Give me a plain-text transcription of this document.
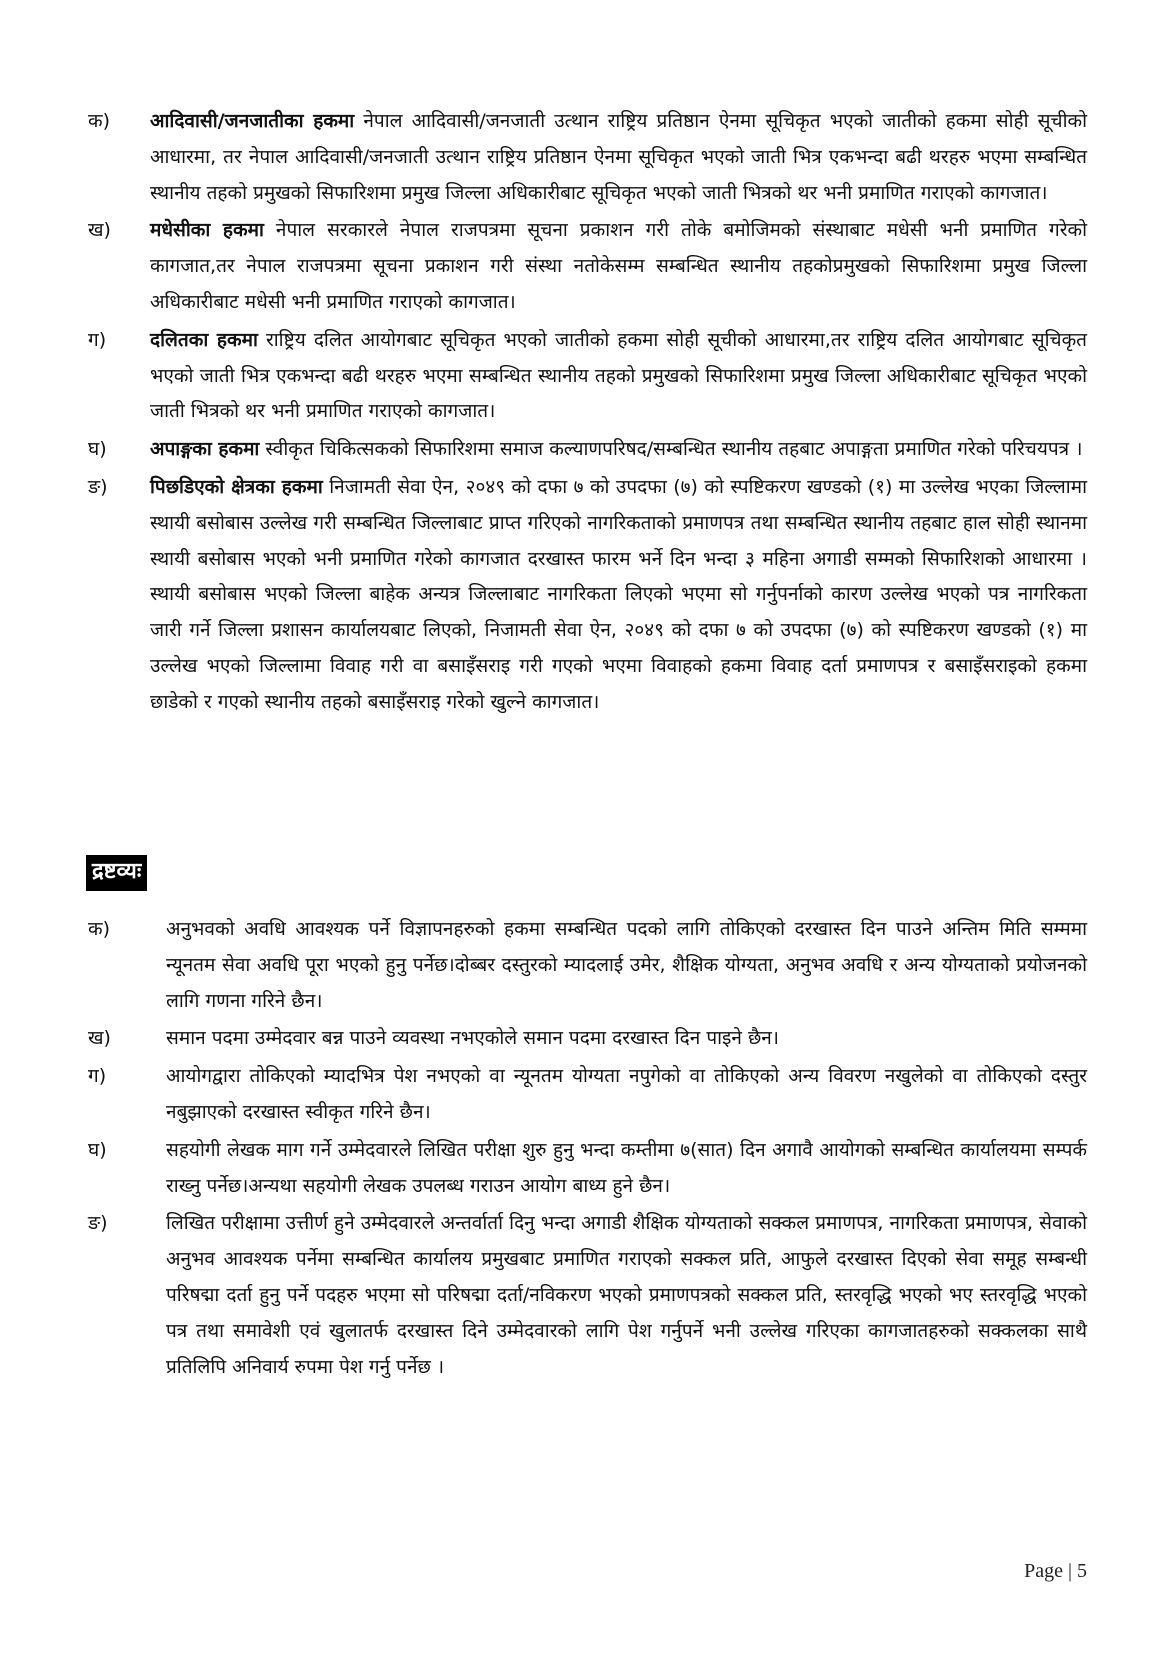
क)	आदिवासी/जनजातीका हकमा नेपाल आदिवासी/जनजाती उत्थान राष्ट्रिय प्रतिष्ठान ऐनमा सूचिकृत भएको जातीको हकमा सोही सूचीको आधारमा, तर नेपाल आदिवासी/जनजाती उत्थान राष्ट्रिय प्रतिष्ठान ऐनमा सूचिकृत भएको जाती भित्र एकभन्दा बढी थरहरु भएमा सम्बन्धित स्थानीय तहको प्रमुखको सिफारिशमा प्रमुख जिल्ला अधिकारीबाट सूचिकृत भएको जाती भित्रको थर भनी प्रमाणित गराएको कागजात।
ख)	मधेसीका हकमा नेपाल सरकारले नेपाल राजपत्रमा सूचना प्रकाशन गरी तोके बमोजिमको संस्थाबाट मधेसी भनी प्रमाणित गरेको कागजात,तर नेपाल राजपत्रमा सूचना प्रकाशन गरी संस्था नतोकेसम्म सम्बन्धित स्थानीय तहकोप्रमुखको सिफारिशमा प्रमुख जिल्ला अधिकारीबाट मधेसी भनी प्रमाणित गराएको कागजात।
ग)	दलितका हकमा राष्ट्रिय दलित आयोगबाट सूचिकृत भएको जातीको हकमा सोही सूचीको आधारमा,तर राष्ट्रिय दलित आयोगबाट सूचिकृत भएको जाती भित्र एकभन्दा बढी थरहरु भएमा सम्बन्धित स्थानीय तहको प्रमुखको सिफारिशमा प्रमुख जिल्ला अधिकारीबाट सूचिकृत भएको जाती भित्रको थर भनी प्रमाणित गराएको कागजात।
घ)	अपाङ्गका हकमा स्वीकृत चिकित्सकको सिफारिशमा समाज कल्याणपरिषद/सम्बन्धित स्थानीय तहबाट अपाङ्गता प्रमाणित गरेको परिचयपत्र ।
ङ)	पिछडिएको क्षेत्रका हकमा निजामती सेवा ऐन, २०४९ को दफा ७ को उपदफा (७) को स्पष्टिकरण खण्डको (१) मा उल्लेख भएका जिल्लामा स्थायी बसोबास उल्लेख गरी सम्बन्धित जिल्लाबाट प्राप्त गरिएको नागरिकताको प्रमाणपत्र तथा सम्बन्धित स्थानीय तहबाट हाल सोही स्थानमा स्थायी बसोबास भएको भनी प्रमाणित गरेको कागजात दरखास्त फारम भर्ने दिन भन्दा ३ महिना अगाडी सम्मको सिफारिशको आधारमा । स्थायी बसोबास भएको जिल्ला बाहेक अन्यत्र जिल्लाबाट नागरिकता लिएको भएमा सो गर्नुपर्नाको कारण उल्लेख भएको पत्र नागरिकता जारी गर्ने जिल्ला प्रशासन कार्यालयबाट लिएको, निजामती सेवा ऐन, २०४९ को दफा ७ को उपदफा (७) को स्पष्टिकरण खण्डको (१) मा उल्लेख भएको जिल्लामा विवाह गरी वा बसाइँसराइ गरी गएको भएमा विवाहको हकमा विवाह दर्ता प्रमाणपत्र र बसाइँसराइको हकमा छाडेको र गएको स्थानीय तहको बसाइँसराइ गरेको खुल्ने कागजात।
द्रष्टव्यः
क)	अनुभवको अवधि आवश्यक पर्ने विज्ञापनहरुको हकमा सम्बन्धित पदको लागि तोकिएको दरखास्त दिन पाउने अन्तिम मिति सम्ममा न्यूनतम सेवा अवधि पूरा भएको हुनु पर्नेछ।दोब्बर दस्तुरको म्यादलाई उमेर, शैक्षिक योग्यता, अनुभव अवधि र अन्य योग्यताको प्रयोजनको लागि गणना गरिने छैन।
ख)	समान पदमा उम्मेदवार बन्न पाउने व्यवस्था नभएकोले समान पदमा दरखास्त दिन पाइने छैन।
ग)	आयोगद्वारा तोकिएको म्यादभित्र पेश नभएको वा न्यूनतम योग्यता नपुगेको वा तोकिएको अन्य विवरण नखुलेको वा तोकिएको दस्तुर नबुझाएको दरखास्त स्वीकृत गरिने छैन।
घ)	सहयोगी लेखक माग गर्ने उम्मेदवारले लिखित परीक्षा शुरु हुनु भन्दा कम्तीमा ७(सात) दिन अगावै आयोगको सम्बन्धित कार्यालयमा सम्पर्क राख्नु पर्नेछ।अन्यथा सहयोगी लेखक उपलब्ध गराउन आयोग बाध्य हुने छैन।
ङ)	लिखित परीक्षामा उत्तीर्ण हुने उम्मेदवारले अन्तर्वार्ता दिनु भन्दा अगाडी शैक्षिक योग्यताको सक्कल प्रमाणपत्र, नागरिकता प्रमाणपत्र, सेवाको अनुभव आवश्यक पर्नेमा सम्बन्धित कार्यालय प्रमुखबाट प्रमाणित गराएको सक्कल प्रति, आफुले दरखास्त दिएको सेवा समूह सम्बन्धी परिषद्मा दर्ता हुनु पर्ने पदहरु भएमा सो परिषद्मा दर्ता/नविकरण भएको प्रमाणपत्रको सक्कल प्रति, स्तरवृद्धि भएको भए स्तरवृद्धि भएको पत्र तथा समावेशी एवं खुलातर्फ दरखास्त दिने उम्मेदवारको लागि पेश गर्नुपर्ने भनी उल्लेख गरिएका कागजातहरुको सक्कलका साथै प्रतिलिपि अनिवार्य रुपमा पेश गर्नु पर्नेछ ।
Page | 5
